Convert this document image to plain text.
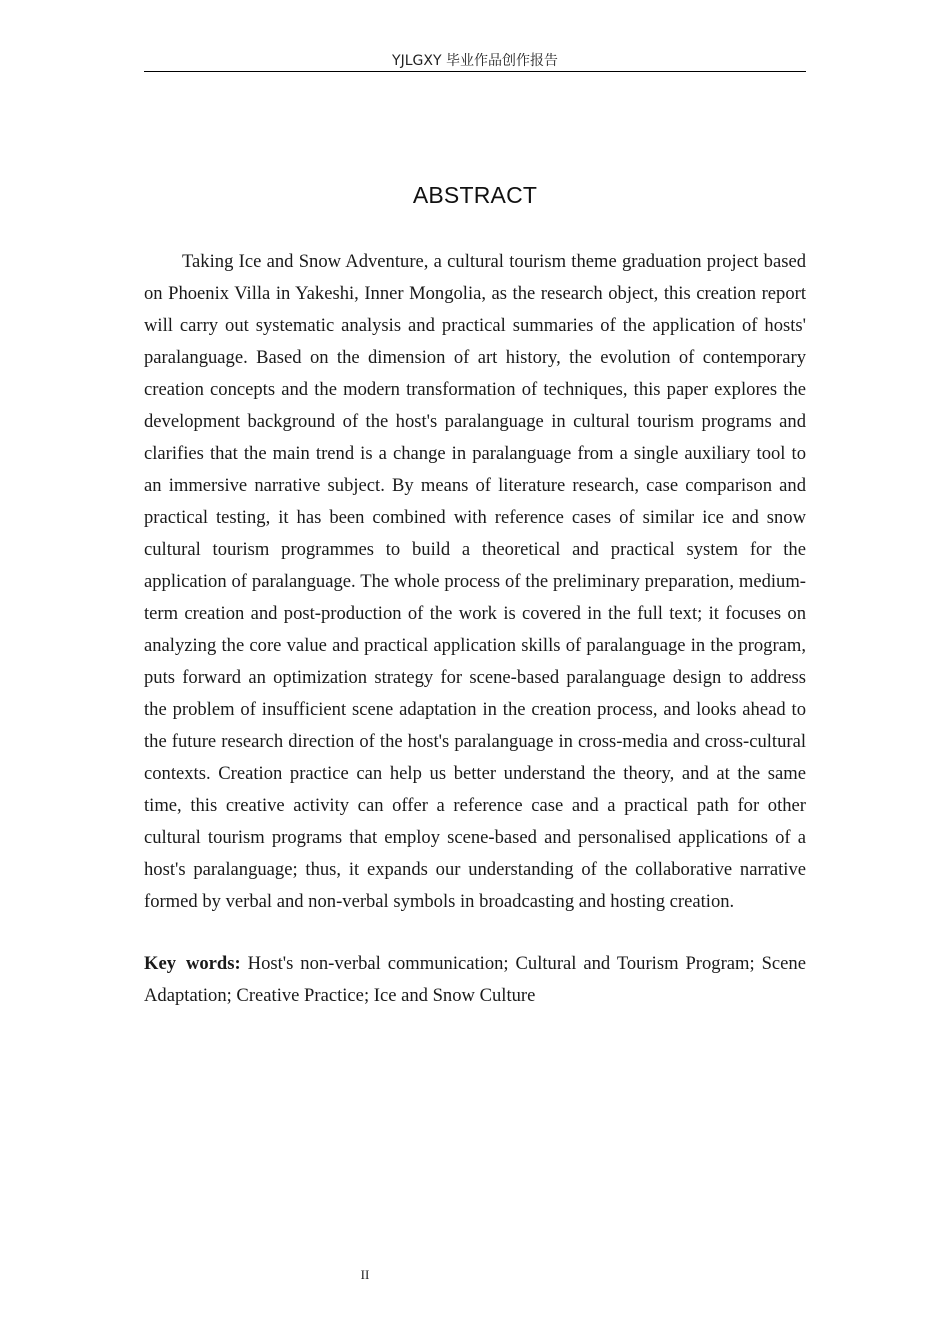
YJLGXY 毕业作品创作报告
ABSTRACT

Taking Ice and Snow Adventure, a cultural tourism theme graduation project based on Phoenix Villa in Yakeshi, Inner Mongolia, as the research object, this creation report will carry out systematic analysis and practical summaries of the application of hosts' paralanguage. Based on the dimension of art history, the evolution of contemporary creation concepts and the modern transformation of techniques, this paper explores the development background of the host's paralanguage in cultural tourism programs and clarifies that the main trend is a change in paralanguage from a single auxiliary tool to an immersive narrative subject. By means of literature research, case comparison and practical testing, it has been combined with reference cases of similar ice and snow cultural tourism programmes to build a theoretical and practical system for the application of paralanguage. The whole process of the preliminary preparation, medium-term creation and post-production of the work is covered in the full text; it focuses on analyzing the core value and practical application skills of paralanguage in the program, puts forward an optimization strategy for scene-based paralanguage design to address the problem of insufficient scene adaptation in the creation process, and looks ahead to the future research direction of the host's paralanguage in cross-media and cross-cultural contexts. Creation practice can help us better understand the theory, and at the same time, this creative activity can offer a reference case and a practical path for other cultural tourism programs that employ scene-based and personalised applications of a host's paralanguage; thus, it expands our understanding of the collaborative narrative formed by verbal and non-verbal symbols in broadcasting and hosting creation.

Key words: Host's non-verbal communication; Cultural and Tourism Program; Scene Adaptation; Creative Practice; Ice and Snow Culture

II
